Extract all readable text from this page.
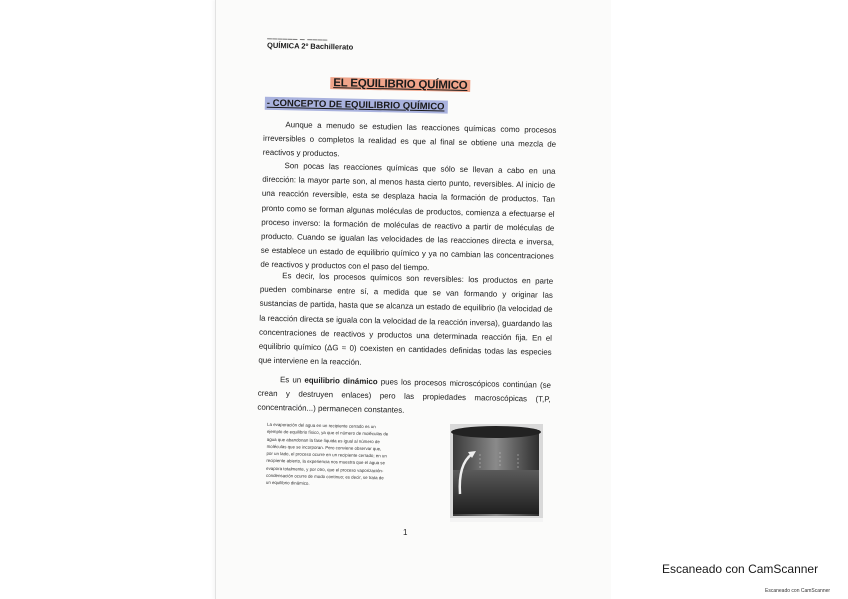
▁▁▁▁▁▁ ▁ ▁▁▁▁
QUÍMICA 2º Bachillerato
EL EQUILIBRIO QUÍMICO
- CONCEPTO DE EQUILIBRIO QUÍMICO
Aunque a menudo se estudien las reacciones químicas como procesos irreversibles o completos la realidad es que al final se obtiene una mezcla de reactivos y productos.
Son pocas las reacciones químicas que sólo se llevan a cabo en una dirección: la mayor parte son, al menos hasta cierto punto, reversibles. Al inicio de una reacción reversible, esta se desplaza hacia la formación de productos. Tan pronto como se forman algunas moléculas de productos, comienza a efectuarse el proceso inverso: la formación de moléculas de reactivo a partir de moléculas de producto. Cuando se igualan las velocidades de las reacciones directa e inversa, se establece un estado de equilibrio químico y ya no cambian las concentraciones de reactivos y productos con el paso del tiempo.
Es decir, los procesos químicos son reversibles: los productos en parte pueden combinarse entre sí, a medida que se van formando y originar las sustancias de partida, hasta que se alcanza un estado de equilibrio (la velocidad de la reacción directa se iguala con la velocidad de la reacción inversa), guardando las concentraciones de reactivos y productos una determinada reacción fija. En el equilibrio químico (ΔG = 0) coexisten en cantidades definidas todas las especies que interviene en la reacción.
Es un equilibrio dinámico pues los procesos microscópicos continúan (se crean y destruyen enlaces) pero las propiedades macroscópicas (T,P, concentración...) permanecen constantes.
La evaporación del agua en un recipiente cerrado es un ejemplo de equilibrio físico, ya que el número de moléculas de agua que abandonan la fase líquida es igual al número de moléculas que se incorporan. Pero conviene observar que, por un lado, el proceso ocurre en un recipiente cerrado; en un recipiente abierto, la experiencia nos muestra que el agua se evapora totalmente, y por otro, que el proceso vaporización-condensación ocurre de modo continuo; es decir, se trata de un equilibrio dinámico.
1
Escaneado con CamScanner
Escaneado con CamScanner
